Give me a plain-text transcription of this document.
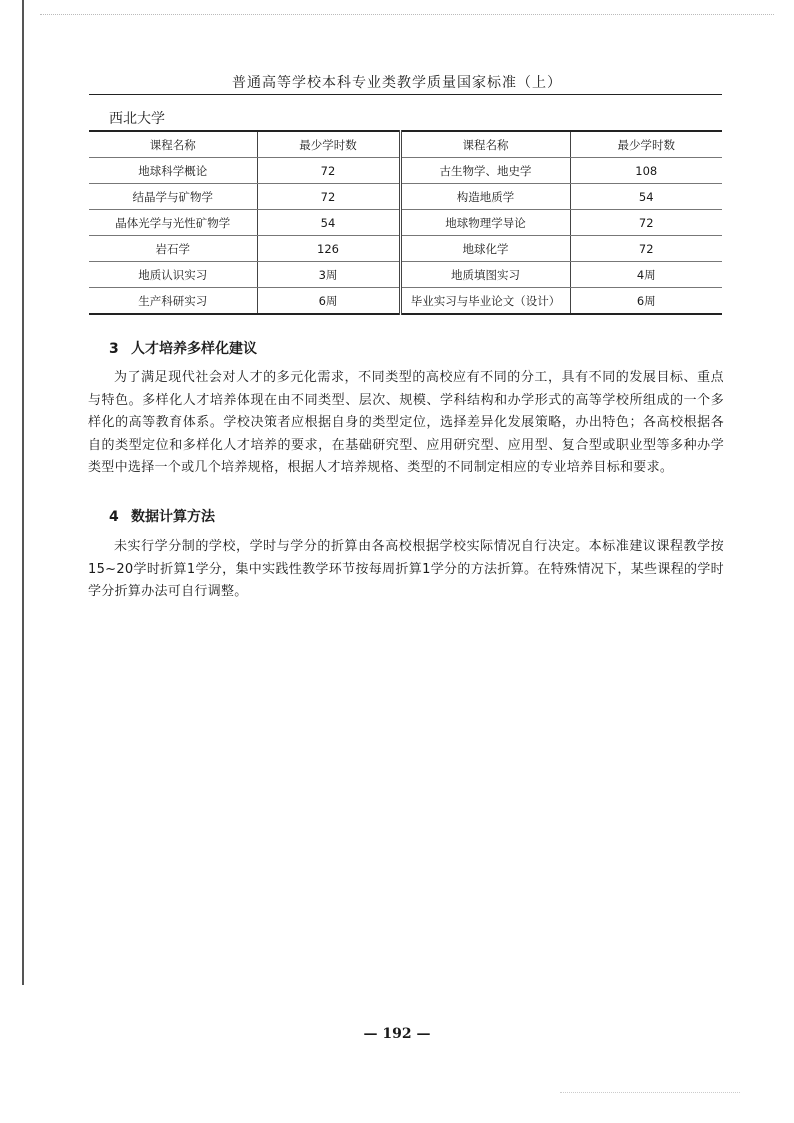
普通高等学校本科专业类教学质量国家标准（上）
西北大学
课程名称	最少学时数	课程名称	最少学时数
地球科学概论	72	古生物学、地史学	108
结晶学与矿物学	72	构造地质学	54
晶体光学与光性矿物学	54	地球物理学导论	72
岩石学	126	地球化学	72
地质认识实习	3周	地质填图实习	4周
生产科研实习	6周	毕业实习与毕业论文（设计）	6周
3 人才培养多样化建议
为了满足现代社会对人才的多元化需求，不同类型的高校应有不同的分工，具有不同的发展目标、重点与特色。多样化人才培养体现在由不同类型、层次、规模、学科结构和办学形式的高等学校所组成的一个多样化的高等教育体系。学校决策者应根据自身的类型定位，选择差异化发展策略，办出特色；各高校根据各自的类型定位和多样化人才培养的要求，在基础研究型、应用研究型、应用型、复合型或职业型等多种办学类型中选择一个或几个培养规格，根据人才培养规格、类型的不同制定相应的专业培养目标和要求。
4 数据计算方法
未实行学分制的学校，学时与学分的折算由各高校根据学校实际情况自行决定。本标准建议课程教学按15~20学时折算1学分，集中实践性教学环节按每周折算1学分的方法折算。在特殊情况下，某些课程的学时学分折算办法可自行调整。
— 192 —
